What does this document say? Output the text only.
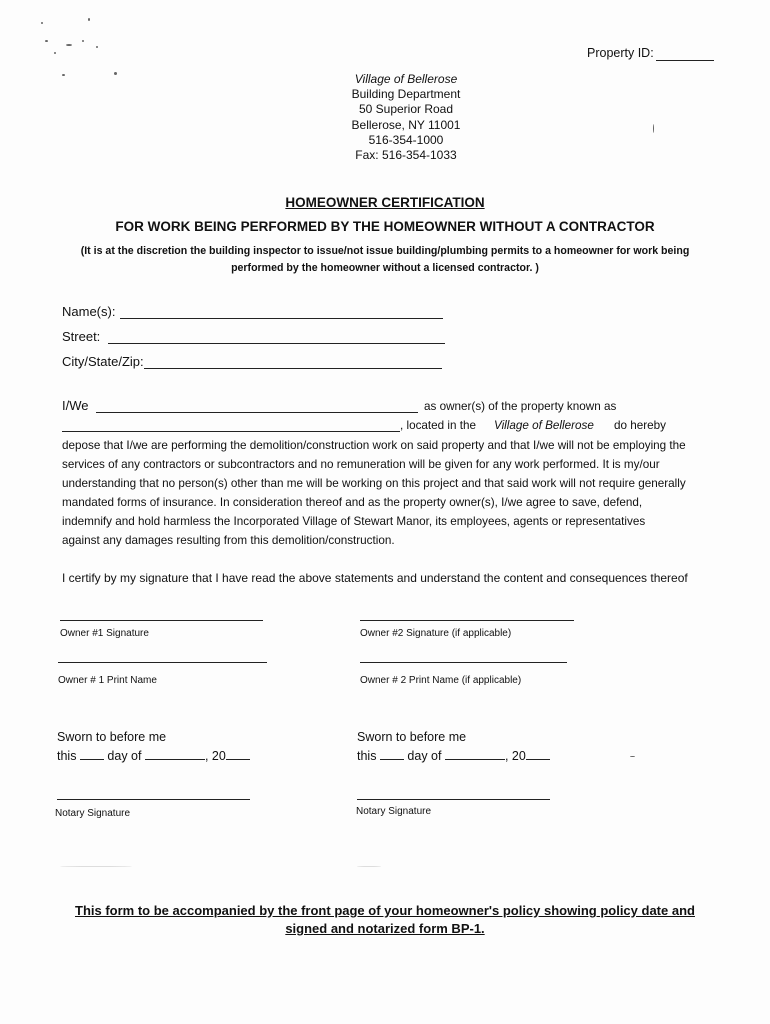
Property ID:
Village of Bellerose
Building Department
50 Superior Road
Bellerose, NY 11001
516-354-1000
Fax: 516-354-1033
HOMEOWNER CERTIFICATION
FOR WORK BEING PERFORMED BY THE HOMEOWNER WITHOUT A CONTRACTOR
(It is at the discretion the building inspector to issue/not issue building/plumbing permits to a homeowner for work being performed by the homeowner without a licensed contractor. )
Name(s):
Street:
City/State/Zip:
I/We	as owner(s) of the property known as
, located in the Village of Bellerose do hereby
depose that I/we are performing the demolition/construction work on said property and that I/we will not be employing the
services of any contractors or subcontractors and no remuneration will be given for any work performed. It is my/our
understanding that no person(s) other than me will be working on this project and that said work will not require generally
mandated forms of insurance. In consideration thereof and as the property owner(s), I/we agree to save, defend,
indemnify and hold harmless the Incorporated Village of Stewart Manor, its employees, agents or representatives
against any damages resulting from this demolition/construction.
I certify by my signature that I have read the above statements and understand the content and consequences thereof
Owner #1 Signature	Owner #2 Signature (if applicable)
Owner # 1 Print Name	Owner # 2 Print Name (if applicable)
Sworn to before me
this day of	, 20
Sworn to before me
this day of	, 20
Notary Signature	Notary Signature
This form to be accompanied by the front page of your homeowner's policy showing policy date and
signed and notarized form BP-1.
